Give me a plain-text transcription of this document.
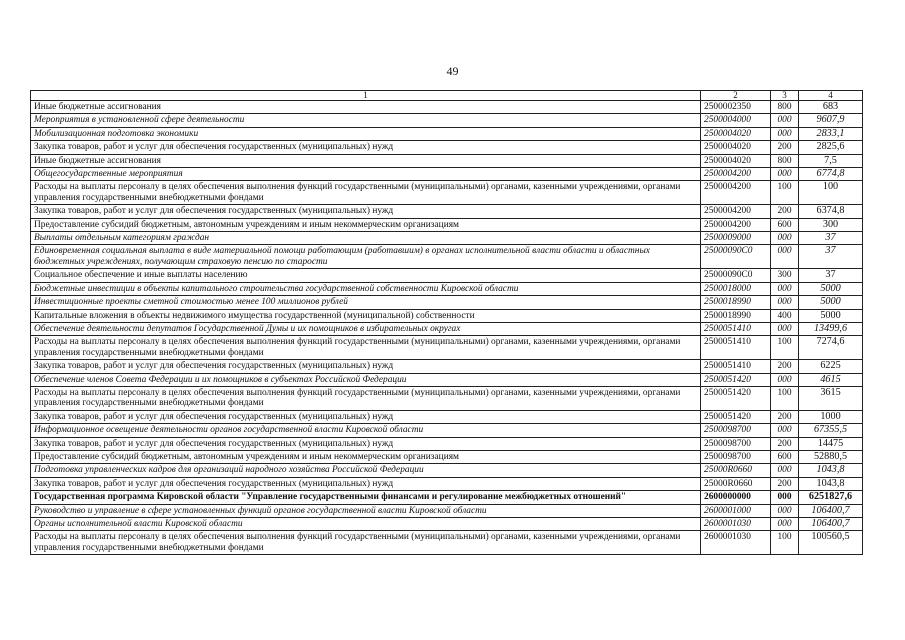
49
1	2	3	4
Иные бюджетные ассигнования	2500002350	800	683
Мероприятия в установленной сфере деятельности	2500004000	000	9607,9
Мобилизационная подготовка экономики	2500004020	000	2833,1
Закупка товаров, работ и услуг для обеспечения государственных (муниципальных) нужд	2500004020	200	2825,6
Иные бюджетные ассигнования	2500004020	800	7,5
Общегосударственные мероприятия	2500004200	000	6774,8
Расходы на выплаты персоналу в целях обеспечения выполнения функций государственными (муниципальными) органами, казенными учреждениями, органами управления государственными внебюджетными фондами	2500004200	100	100
Закупка товаров, работ и услуг для обеспечения государственных (муниципальных) нужд	2500004200	200	6374,8
Предоставление субсидий бюджетным, автономным учреждениям и иным некоммерческим организациям	2500004200	600	300
Выплаты отдельным категориям граждан	2500009000	000	37
Единовременная социальная выплата в виде материальной помощи работающим (работавшим) в органах исполнительной власти области и областных бюджетных учреждениях, получающим страховую пенсию по старости	25000090С0	000	37
Социальное обеспечение и иные выплаты населению	25000090С0	300	37
Бюджетные инвестиции в объекты капитального строительства государственной собственности Кировской области	2500018000	000	5000
Инвестиционные проекты сметной стоимостью менее 100 миллионов рублей	2500018990	000	5000
Капитальные вложения в объекты недвижимого имущества государственной (муниципальной) собственности	2500018990	400	5000
Обеспечение деятельности депутатов Государственной Думы и их помощников в избирательных округах	2500051410	000	13499,6
Расходы на выплаты персоналу в целях обеспечения выполнения функций государственными (муниципальными) органами, казенными учреждениями, органами управления государственными внебюджетными фондами	2500051410	100	7274,6
Закупка товаров, работ и услуг для обеспечения государственных (муниципальных) нужд	2500051410	200	6225
Обеспечение членов Совета Федерации и их помощников в субъектах Российской Федерации	2500051420	000	4615
Расходы на выплаты персоналу в целях обеспечения выполнения функций государственными (муниципальными) органами, казенными учреждениями, органами управления государственными внебюджетными фондами	2500051420	100	3615
Закупка товаров, работ и услуг для обеспечения государственных (муниципальных) нужд	2500051420	200	1000
Информационное освещение деятельности органов государственной власти Кировской области	2500098700	000	67355,5
Закупка товаров, работ и услуг для обеспечения государственных (муниципальных) нужд	2500098700	200	14475
Предоставление субсидий бюджетным, автономным учреждениям и иным некоммерческим организациям	2500098700	600	52880,5
Подготовка управленческих кадров для организаций народного хозяйства Российской Федерации	25000R0660	000	1043,8
Закупка товаров, работ и услуг для обеспечения государственных (муниципальных) нужд	25000R0660	200	1043,8
Государственная программа Кировской области "Управление государственными финансами и регулирование межбюджетных отношений"	2600000000	000	6251827,6
Руководство и управление в сфере установленных функций органов государственной власти Кировской области	2600001000	000	106400,7
Органы исполнительной власти Кировской области	2600001030	000	106400,7
Расходы на выплаты персоналу в целях обеспечения выполнения функций государственными (муниципальными) органами, казенными учреждениями, органами управления государственными внебюджетными фондами	2600001030	100	100560,5
